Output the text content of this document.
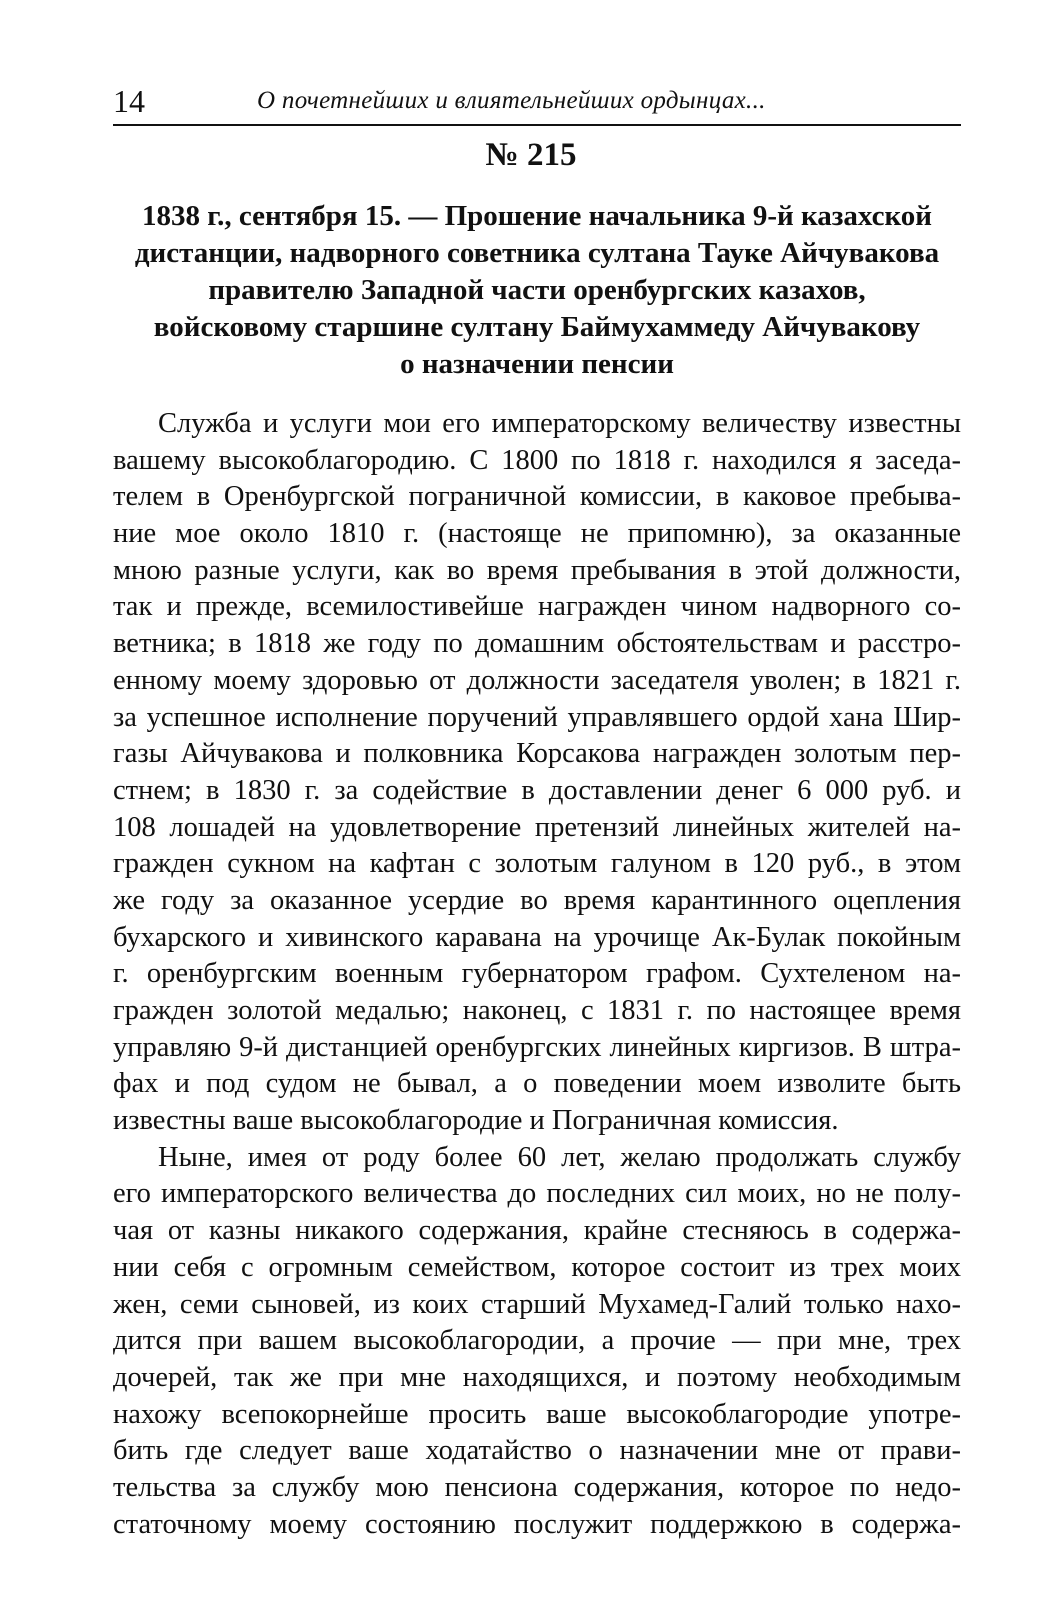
14	О почетнейших и влиятельнейших ордынцах...
№ 215
1838 г., сентября 15. — Прошение начальника 9-й казахской
дистанции, надворного советника султана Тауке Айчувакова
правителю Западной части оренбургских казахов,
войсковому старшине султану Баймухаммеду Айчувакову
о назначении пенсии
Служба и услуги мои его императорскому величеству известны
вашему высокоблагородию. С 1800 по 1818 г. находился я заседа-
телем в Оренбургской пограничной комиссии, в каковое пребыва-
ние мое около 1810 г. (настояще не припомню), за оказанные
мною разные услуги, как во время пребывания в этой должности,
так и прежде, всемилостивейше награжден чином надворного со-
ветника; в 1818 же году по домашним обстоятельствам и расстро-
енному моему здоровью от должности заседателя уволен; в 1821 г.
за успешное исполнение поручений управлявшего ордой хана Шир-
газы Айчувакова и полковника Корсакова награжден золотым пер-
стнем; в 1830 г. за содействие в доставлении денег 6 000 руб. и
108 лошадей на удовлетворение претензий линейных жителей на-
гражден сукном на кафтан с золотым галуном в 120 руб., в этом
же году за оказанное усердие во время карантинного оцепления
бухарского и хивинского каравана на урочище Ак-Булак покойным
г. оренбургским военным губернатором графом. Сухтеленом на-
гражден золотой медалью; наконец, с 1831 г. по настоящее время
управляю 9-й дистанцией оренбургских линейных киргизов. В штра-
фах и под судом не бывал, а о поведении моем изволите быть
известны ваше высокоблагородие и Пограничная комиссия.
Ныне, имея от роду более 60 лет, желаю продолжать службу
его императорского величества до последних сил моих, но не полу-
чая от казны никакого содержания, крайне стесняюсь в содержа-
нии себя с огромным семейством, которое состоит из трех моих
жен, семи сыновей, из коих старший Мухамед-Галий только нахо-
дится при вашем высокоблагородии, а прочие — при мне, трех
дочерей, так же при мне находящихся, и поэтому необходимым
нахожу всепокорнейше просить ваше высокоблагородие употре-
бить где следует ваше ходатайство о назначении мне от прави-
тельства за службу мою пенсиона содержания, которое по недо-
статочному моему состоянию послужит поддержкою в содержа-
